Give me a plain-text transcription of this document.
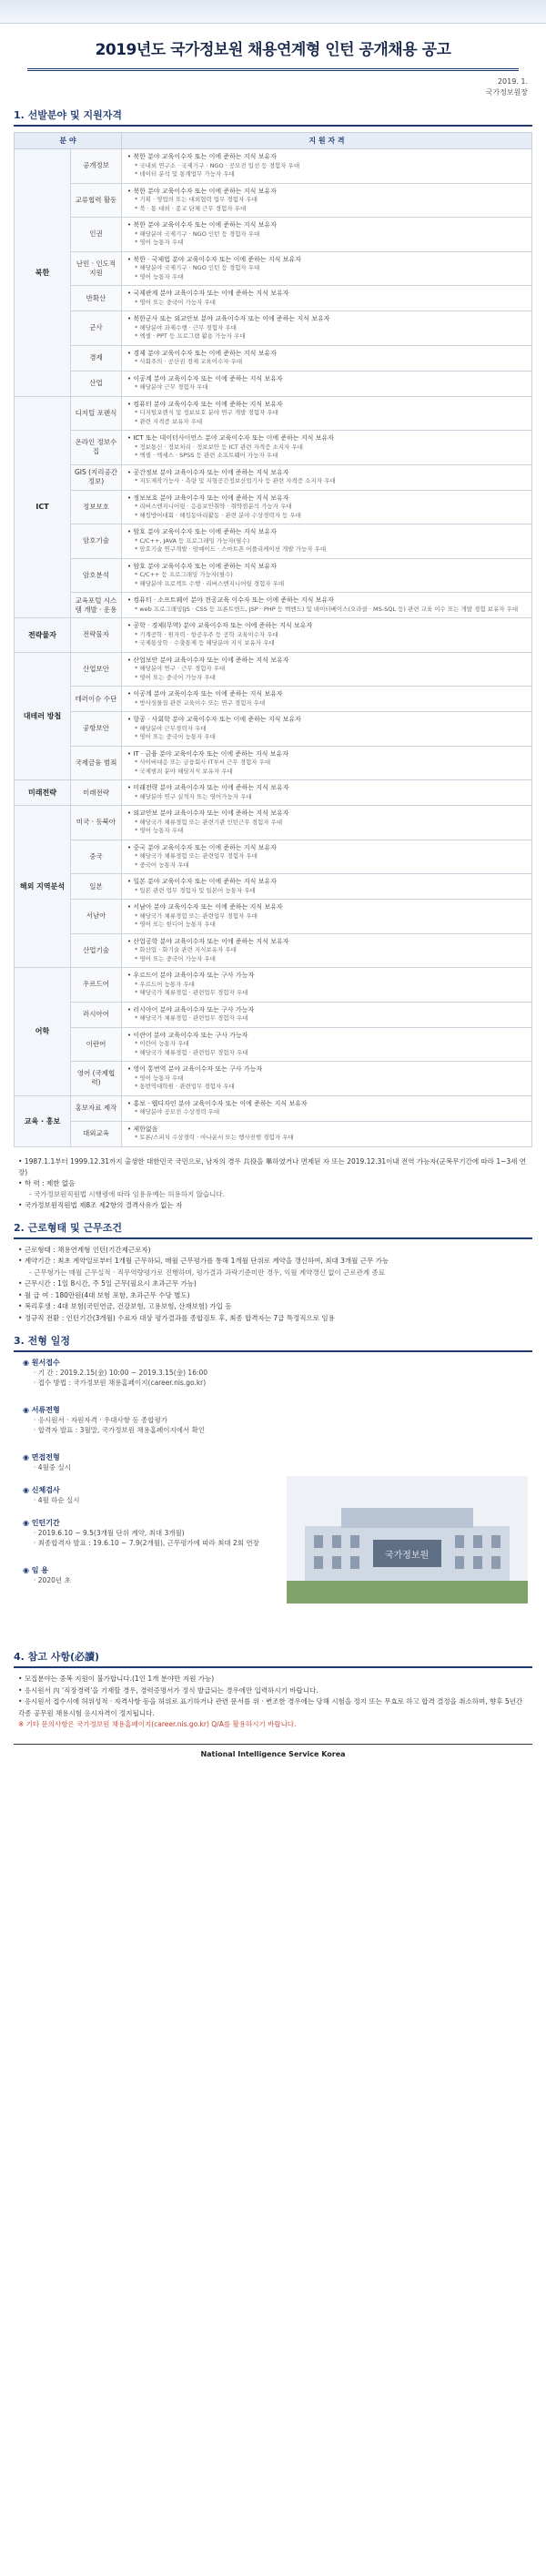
2019년도 국가정보원 채용연계형 인턴 공개채용 공고
2019. 1.
국가정보원장
1. 선발분야 및 지원자격
분 야		지 원 자 격
북한	공개정보	• 북한 분야 교육이수자 또는 이에 준하는 지식 보유자
* 국내외 연구소 · 국제기구 · NGO · 공모전 입선 등 경험자 우대
* 데이터 분석 및 통계업무 가능자 우대

	교류협력 활동	• 북한 분야 교육이수자 또는 이에 준하는 지식 보유자
* 기획 · 영업의 또는 대외협력 업무 경험자 우대
* 북 · 통 대외 · 종교 단체 근무 경험자 우대

	인권	• 북한 분야 교육이수자 또는 이에 준하는 지식 보유자
* 해당분야 국제기구 · NGO 인턴 등 경험자 우대
* 영어 능통자 우대

	난민 · 인도적 지원	• 북한 · 국제법 분야 교육이수자 또는 이에 준하는 지식 보유자
* 해당분야 국제기구 · NGO 인턴 등 경험자 우대
* 영어 능통자 우대

	반확산	• 국제관계 분야 교육이수자 또는 이에 준하는 지식 보유자
* 영어 또는 중국어 가능자 우대

	군사	• 북한군사 또는 외교안보 분야 교육이수자 또는 이에 준하는 지식 보유자
* 해당분야 과제수행 · 근무 경험자 우대
* 엑셀 · PPT 등 프로그램 활용 가능자 우대

	경제	• 경제 분야 교육이수자 또는 이에 준하는 지식 보유자
* 사회주의 · 공산권 경제 교육이수자 우대

	산업	• 이공계 분야 교육이수자 또는 이에 준하는 지식 보유자
* 해당분야 근무 경험자 우대

ICT	디지털 포렌식	• 컴퓨터 분야 교육이수자 또는 이에 준하는 지식 보유자
* 디지털포렌식 및 정보보호 분야 연구 개발 경험자 우대
* 관련 자격증 보유자 우대

	온라인 정보수집	• ICT 또는 데이터사이언스 분야 교육이수자 또는 이에 준하는 지식 보유자
* 정보통신 · 정보처리 · 정보보안 등 ICT 관련 자격증 소지자 우대
* 엑셀 · 엑세스 · SPSS 등 관련 소프트웨어 가능자 우대

	GIS (지리공간정보)	• 공간정보 분야 교육이수자 또는 이에 준하는 지식 보유자
* 지도제작기능사 · 측량 및 지형공간정보산업기사 등 관련 자격증 소지자 우대

	정보보호	• 정보보호 분야 교육이수자 또는 이에 준하는 지식 보유자
* 리버스엔지니어링 · 응용보안취약 · 취약점분석 가능자 우대
* 해킹방어대회 · 해킹동아리활동 · 관련 분야 수상경력자 등 우대

	암호기술	• 암호 분야 교육이수자 또는 이에 준하는 지식 보유자
* C/C++, JAVA 등 프로그래밍 가능자(필수)
* 암호기술 연구개발 · 암예이드 · 스마트폰 어플리케이션 개발 가능자 우대

	암호분석	• 암호 분야 교육이수자 또는 이에 준하는 지식 보유자
* C/C++ 등 프로그래밍 가능자(필수)
* 해당분야 프로젝트 수행 · 리버스엔지니어링 경험자 우대

	교육포털 시스템 개발 · 운용	• 컴퓨터 · 소프트웨어 분야 전공교육 이수자 또는 이에 준하는 지식 보유자
* web 프로그래밍(JS · CSS 등 프론트엔드, JSP · PHP 등 백엔드) 및 데이터베이스(오라클 · MS-SQL 등) 관련 교육 이수 또는 개발 경험 보유자 우대

전략물자	전략물자	• 공학 · 경제(무역) 분야 교육이수자 또는 이에 준하는 지식 보유자
* 기계공학 · 원자력 · 항공우주 등 공학 교육이수자 우대
* 국제통상학 · 수출통제 등 해당분야 지식 보유자 우대

대테러 방첩	산업보안	• 산업보안 분야 교육이수자 또는 이에 준하는 지식 보유자
* 해당분야 연구 · 근무 경험자 우대
* 영어 또는 중국어 가능자 우대

	테러이슈 수단	• 이공계 분야 교육이수자 또는 이에 준하는 지식 보유자
* 방사성물질 관련 교육이수 또는 연구 경험자 우대

	공항보안	• 항공 · 사회학 분야 교육이수자 또는 이에 준하는 지식 보유자
* 해당분야 근무경력자 우대
* 영어 또는 중국어 능통자 우대

	국제금융 범죄	• IT · 금융 분야 교육이수자 또는 이에 준하는 지식 보유자
* 사이버대응 또는 금융회사 IT부서 근무 경험자 우대
* 국제범죄 분야 해당지식 보유자 우대

미래전략	미래전략	• 미래전략 분야 교육이수자 또는 이에 준하는 지식 보유자
* 해당분야 연구 실적자 또는 영어가능자 우대

해외 지역분석	미국 · 동북아	• 외교안보 분야 교육이수자 또는 이에 준하는 지식 보유자
* 해당국가 체류경험 또는 관련기관 인턴근무 경험자 우대
* 영어 능통자 우대

	중국	• 중국 분야 교육이수자 또는 이에 준하는 지식 보유자
* 해당국가 체류경험 또는 관련업무 경험자 우대
* 중국어 능통자 우대

	일본	• 일본 분야 교육이수자 또는 이에 준하는 지식 보유자
* 일본 관련 업무 경험자 및 일본어 능통자 우대

	서남아	• 서남아 분야 교육이수자 또는 이에 준하는 지식 보유자
* 해당국가 체류경험 또는 관련업무 경험자 우대
* 영어 또는 힌디어 능통자 우대

	산업기술	• 산업공학 분야 교육이수자 또는 이에 준하는 지식 보유자
* 화산업 · 화기술 관련 지식보유자 우대
* 영어 또는 중국어 가능자 우대

어학	우르드어	• 우르드어 분야 교육이수자 또는 구사 가능자
* 우르드어 능통자 우대
* 해당국가 체류경험 · 관련업무 경험자 우대

	러시아어	• 러시아어 분야 교육이수자 또는 구사 가능자
* 해당국가 체류경험 · 관련업무 경험자 우대

	이란어	• 이란어 분야 교육이수자 또는 구사 가능자
* 이란어 능통자 우대
* 해당국가 체류경험 · 관련업무 경험자 우대

	영어 (국제협력)	• 영어 통번역 분야 교육이수자 또는 구사 가능자
* 영어 능통자 우대
* 통번역대학원 · 관련업무 경험자 우대

교육 · 홍보	홍보자료 제작	• 홍보 · 웹디자인 분야 교육이수자 또는 이에 준하는 지식 보유자
* 해당분야 공모전 수상경력 우대

	대외교육	• 제한없음
* 토론/스피치 수상경력 · 아나운서 또는 행사진행 경험자 우대
• 1987.1.1부터 1999.12.31까지 출생한 대한민국 국민으로, 남자의 경우 兵役을 畢하였거나 면제된 자 또는 2019.12.31이내 전역 가능자(군복무기간에 따라 1~3세 연장)
• 학 력 : 제한 없음
- 국가정보원직원법 시행령에 따라 임용유예는 허용하지 않습니다.
• 국가정보원직원법 제8조 제2항의 결격사유가 없는 자
2. 근로형태 및 근무조건
• 근로형태 : 채용연계형 인턴(기간제근로자)
• 계약기간 : 최초 계약일로부터 1개월 근무하되, 매월 근무평가를 통해 1개월 단위로 계약을 갱신하여, 최대 3개월 근무 가능
- 근무형가는 매월 근무실적 · 직무역량평가로 진행하며, 평가결과 과락기준미만 경우, 익월 계약갱신 없이 근로관계 종료
• 근무시간 : 1일 8시간, 주 5일 근무(필요시 초과근무 가능)
• 월 급 여 : 180만원(4대 보험 포함, 초과근무 수당 별도)
• 복리후생 : 4대 보험(국민연금, 건강보험, 고용보험, 산재보험) 가입 등
• 정규직 전환 : 인턴기간(3개월) 수료자 대상 평가결과를 종합검토 후, 최종 합격자는 7급 특정직으로 임용
3. 전형 일정
◉ 원서접수
· 기 간 : 2019.2.15(金) 10:00 ~ 2019.3.15(金) 16:00
· 접수 방법 : 국가정보원 채용홈페이지(career.nis.go.kr)
◉ 서류전형
· 응시원서 · 자원자격 · 우대사항 등 종합평가
· 합격자 발표 : 3월말, 국가정보원 채용홈페이지에서 확인
◉ 면접전형
· 4월중 실시
◉ 신체검사
· 4월 하순 실시
◉ 인턴기간
· 2019.6.10 ~ 9.5(3개월 단위 계약, 최대 3개월)
· 최종합격자 발표 : 19.6.10 ~ 7.9(2개월), 근무평가에 따라 최대 2회 연장
◉ 임 용
· 2020년 초
국가정보원
4. 참고 사항(必讀)
• 모집분야는 중복 지원이 불가합니다.(1인 1개 분야만 지원 가능)
• 응시원서 內 '직장경력'을 기재할 경우, 경력증명서가 정식 발급되는 경우에만 입력하시기 바랍니다.
• 응시원서 접수시에 허위성적 · 자격사항 등을 허위로 표기하거나 관련 문서를 위 · 변조한 경우에는 당해 시험을 정지 또는 무효로 하고 합격 결정을 취소하며, 향후 5년간 각종 공무원 채용시험 응시자격이 정지됩니다.
※ 기타 문의사항은 국가정보원 채용홈페이지(career.nis.go.kr) Q/A를 활용하시기 바랍니다.
National Intelligence Service Korea
